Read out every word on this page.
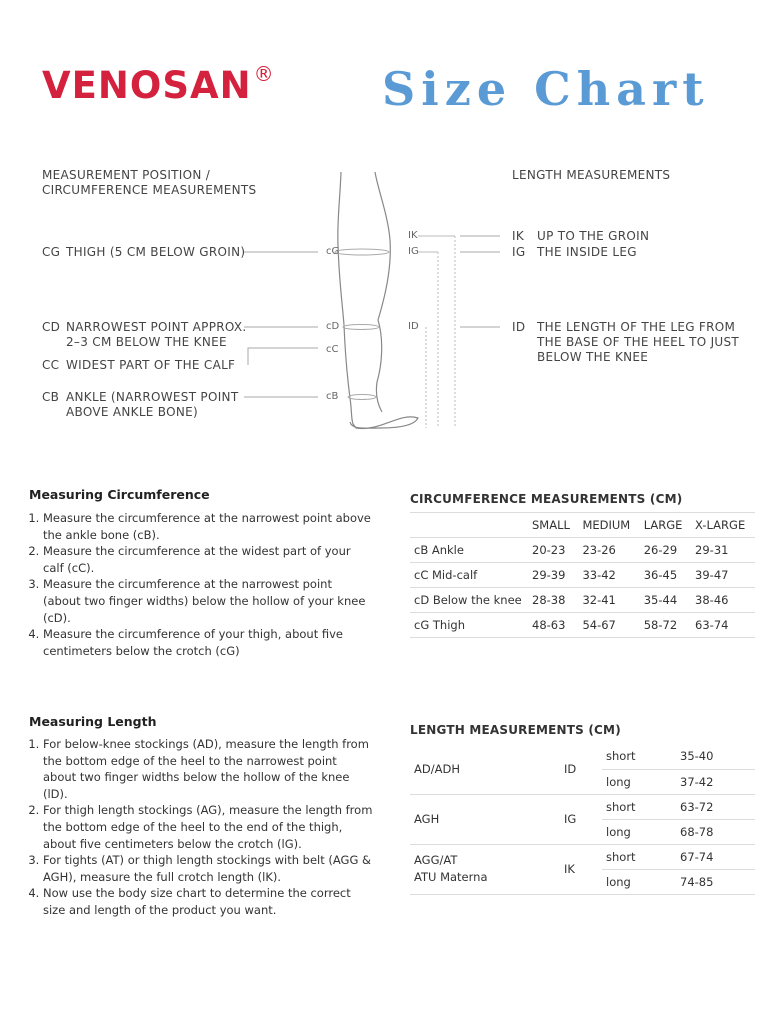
VENOSAN ® Size Chart
MEASUREMENT POSITION /
CIRCUMFERENCE MEASUREMENTS
LENGTH MEASUREMENTS
CG THIGH (5 CM BELOW GROIN)
CD NARROWEST POINT APPROX.
2–3 CM BELOW THE KNEE
CC WIDEST PART OF THE CALF
CB ANKLE (NARROWEST POINT
ABOVE ANKLE BONE)
IK UP TO THE GROIN
IG THE INSIDE LEG
ID THE LENGTH OF THE LEG FROM
THE BASE OF THE HEEL TO JUST
BELOW THE KNEE
cG
cD
cC
cB
IK
IG
ID
Measuring Circumference
1. Measure the circumference at the narrowest point above the ankle bone (cB).
2. Measure the circumference at the widest part of your calf (cC).
3. Measure the circumference at the narrowest point (about two finger widths) below the hollow of your knee (cD).
4. Measure the circumference of your thigh, about five centimeters below the crotch (cG)
CIRCUMFERENCE MEASUREMENTS (CM)
	SMALL	MEDIUM	LARGE	X-LARGE
cB Ankle	20-23	23-26	26-29	29-31
cC Mid-calf	29-39	33-42	36-45	39-47
cD Below the knee	28-38	32-41	35-44	38-46
cG Thigh	48-63	54-67	58-72	63-74
Measuring Length
1. For below-knee stockings (AD), measure the length from the bottom edge of the heel to the narrowest point about two finger widths below the hollow of the knee (lD).
2. For thigh length stockings (AG), measure the length from the bottom edge of the heel to the end of the thigh, about five centimeters below the crotch (lG).
3. For tights (AT) or thigh length stockings with belt (AGG & AGH), measure the full crotch length (lK).
4. Now use the body size chart to determine the correct size and length of the product you want.
LENGTH MEASUREMENTS (CM)
AD/ADH	ID	short	35-40
		long	37-42

AGH	IG	short	63-72
		long	68-78

AGG/AT
ATU Materna	IK	short	67-74
		long	74-85
